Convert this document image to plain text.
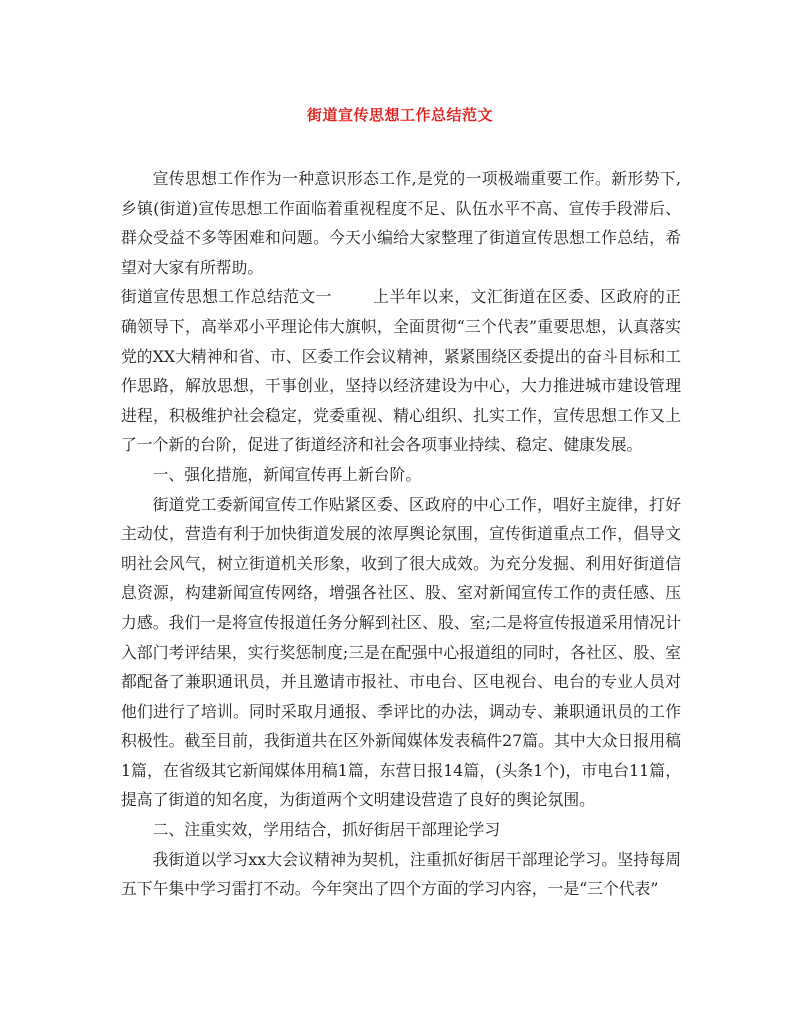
街道宣传思想工作总结范文

宣传思想工作作为一种意识形态工作,是党的一项极端重要工作。新形势下,乡镇(街道)宣传思想工作面临着重视程度不足、队伍水平不高、宣传手段滞后、群众受益不多等困难和问题。今天小编给大家整理了街道宣传思想工作总结，希望对大家有所帮助。

街道宣传思想工作总结范文一	上半年以来，文汇街道在区委、区政府的正确领导下，高举邓小平理论伟大旗帜，全面贯彻“三个代表”重要思想，认真落实党的XX大精神和省、市、区委工作会议精神，紧紧围绕区委提出的奋斗目标和工作思路，解放思想，干事创业，坚持以经济建设为中心，大力推进城市建设管理进程，积极维护社会稳定，党委重视、精心组织、扎实工作，宣传思想工作又上了一个新的台阶，促进了街道经济和社会各项事业持续、稳定、健康发展。

一、强化措施，新闻宣传再上新台阶。

街道党工委新闻宣传工作贴紧区委、区政府的中心工作，唱好主旋律，打好主动仗，营造有利于加快街道发展的浓厚舆论氛围，宣传街道重点工作，倡导文明社会风气，树立街道机关形象，收到了很大成效。为充分发掘、利用好街道信息资源，构建新闻宣传网络，增强各社区、股、室对新闻宣传工作的责任感、压力感。我们一是将宣传报道任务分解到社区、股、室;二是将宣传报道采用情况计入部门考评结果，实行奖惩制度;三是在配强中心报道组的同时，各社区、股、室都配备了兼职通讯员，并且邀请市报社、市电台、区电视台、电台的专业人员对他们进行了培训。同时采取月通报、季评比的办法，调动专、兼职通讯员的工作积极性。截至目前，我街道共在区外新闻媒体发表稿件27篇。其中大众日报用稿1篇，在省级其它新闻媒体用稿1篇，东营日报14篇，(头条1个)，市电台11篇，提高了街道的知名度，为街道两个文明建设营造了良好的舆论氛围。

二、注重实效，学用结合，抓好街居干部理论学习

我街道以学习xx大会议精神为契机，注重抓好街居干部理论学习。坚持每周五下午集中学习雷打不动。今年突出了四个方面的学习内容，一是“三个代表”
